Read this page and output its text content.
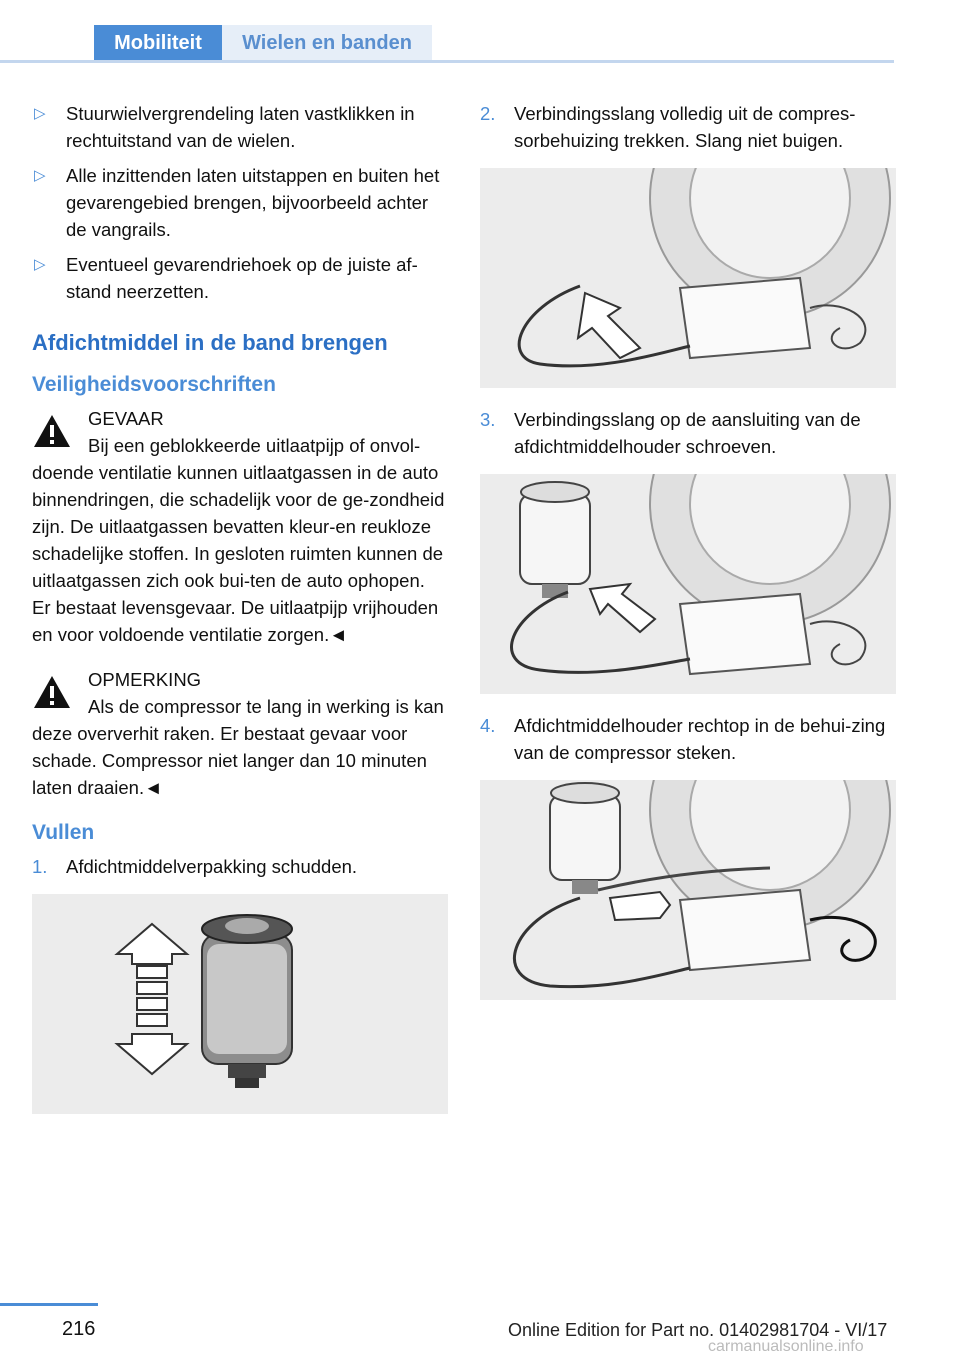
Mobiliteit	Wielen en banden
▷ Stuurwielvergrendeling laten vastklikken in rechtuitstand van de wielen.
▷ Alle inzittenden laten uitstappen en buiten het gevarengebied brengen, bijvoorbeeld achter de vangrails.
▷ Eventueel gevarendriehoek op de juiste af-stand neerzetten.
Afdichtmiddel in de band brengen
Veiligheidsvoorschriften
GEVAAR
Bij een geblokkeerde uitlaatpijp of onvol-doende ventilatie kunnen uitlaatgassen in de auto binnendringen, die schadelijk voor de ge-zondheid zijn. De uitlaatgassen bevatten kleur-en reukloze schadelijke stoffen. In gesloten ruimten kunnen de uitlaatgassen zich ook bui-ten de auto ophopen. Er bestaat levensgevaar. De uitlaatpijp vrijhouden en voor voldoende ventilatie zorgen.◄
OPMERKING
Als de compressor te lang in werking is kan deze oververhit raken. Er bestaat gevaar voor schade. Compressor niet langer dan 10 minuten laten draaien.◄
Vullen
1. Afdichtmiddelverpakking schudden.
2. Verbindingsslang volledig uit de compres-sorbehuizing trekken. Slang niet buigen.
3. Verbindingsslang op de aansluiting van de afdichtmiddelhouder schroeven.
4. Afdichtmiddelhouder rechtop in de behui-zing van de compressor steken.
216	Online Edition for Part no. 01402981704 - VI/17
carmanualsonline.info
